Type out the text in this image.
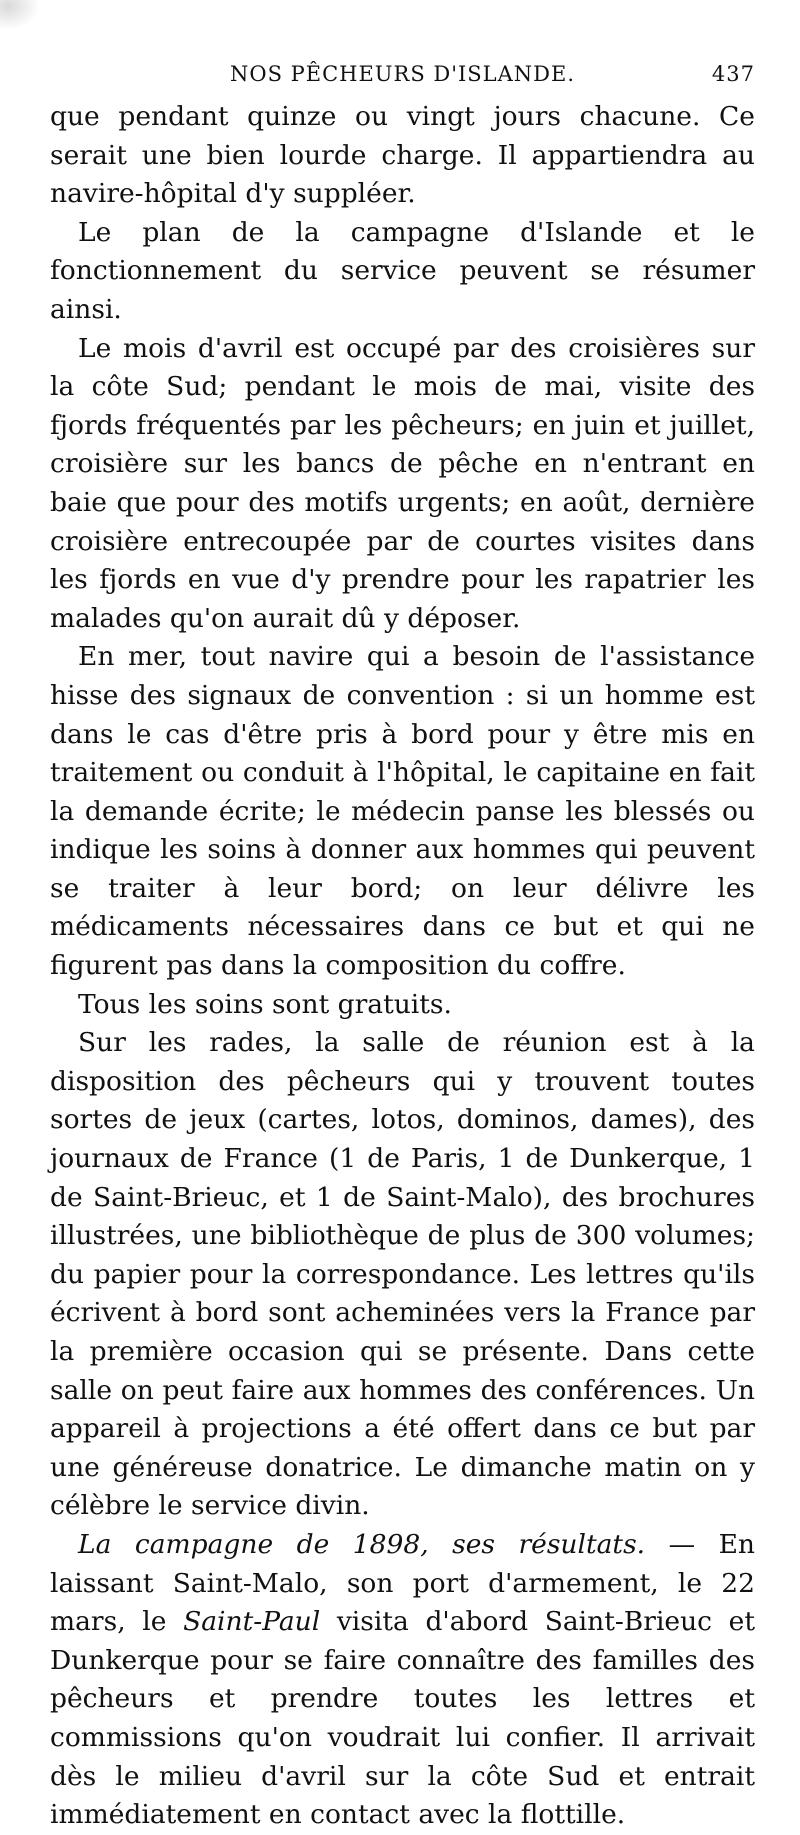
NOS PÊCHEURS D'ISLANDE.	437

que pendant quinze ou vingt jours chacune. Ce serait une bien lourde charge. Il appartiendra au navire-hôpital d'y suppléer.

Le plan de la campagne d'Islande et le fonctionnement du service peuvent se résumer ainsi.

Le mois d'avril est occupé par des croisières sur la côte Sud; pendant le mois de mai, visite des fjords fréquentés par les pêcheurs; en juin et juillet, croisière sur les bancs de pêche en n'entrant en baie que pour des motifs urgents; en août, dernière croisière entrecoupée par de courtes visites dans les fjords en vue d'y prendre pour les rapatrier les malades qu'on aurait dû y déposer.

En mer, tout navire qui a besoin de l'assistance hisse des signaux de convention : si un homme est dans le cas d'être pris à bord pour y être mis en traitement ou conduit à l'hôpital, le capitaine en fait la demande écrite; le médecin panse les blessés ou indique les soins à donner aux hommes qui peuvent se traiter à leur bord; on leur délivre les médicaments nécessaires dans ce but et qui ne figurent pas dans la composition du coffre.

Tous les soins sont gratuits.

Sur les rades, la salle de réunion est à la disposition des pêcheurs qui y trouvent toutes sortes de jeux (cartes, lotos, dominos, dames), des journaux de France (1 de Paris, 1 de Dunkerque, 1 de Saint-Brieuc, et 1 de Saint-Malo), des brochures illustrées, une bibliothèque de plus de 300 volumes; du papier pour la correspondance. Les lettres qu'ils écrivent à bord sont acheminées vers la France par la première occasion qui se présente. Dans cette salle on peut faire aux hommes des conférences. Un appareil à projections a été offert dans ce but par une généreuse donatrice. Le dimanche matin on y célèbre le service divin.

La campagne de 1898, ses résultats. — En laissant Saint-Malo, son port d'armement, le 22 mars, le Saint-Paul visita d'abord Saint-Brieuc et Dunkerque pour se faire connaître des familles des pêcheurs et prendre toutes les lettres et commissions qu'on voudrait lui confier. Il arrivait dès le milieu d'avril sur la côte Sud et entrait immédiatement en contact avec la flottille.
